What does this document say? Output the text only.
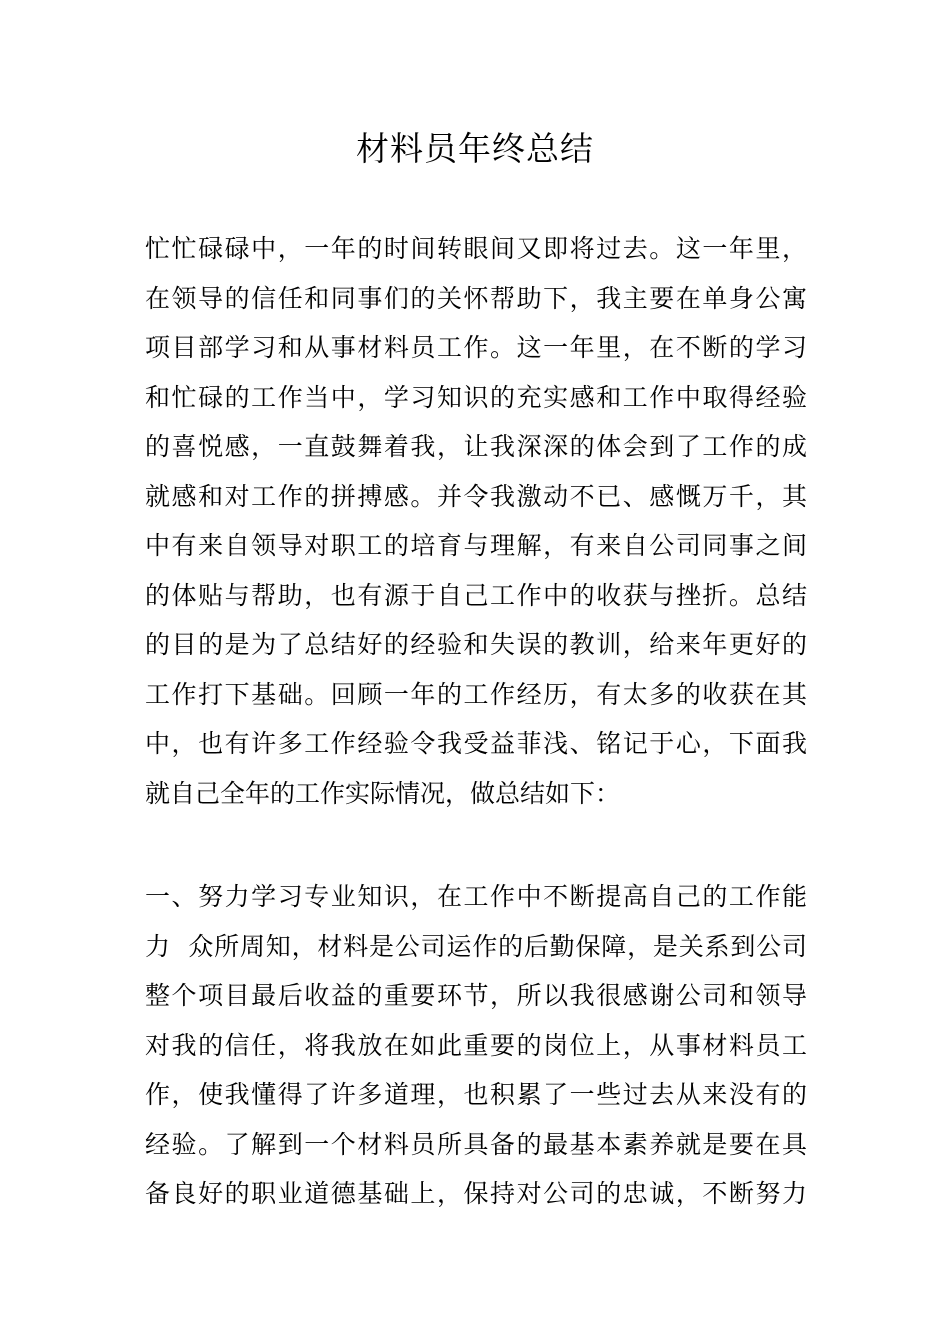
材料员年终总结

忙忙碌碌中，一年的时间转眼间又即将过去。这一年里，
在领导的信任和同事们的关怀帮助下，我主要在单身公寓
项目部学习和从事材料员工作。这一年里，在不断的学习
和忙碌的工作当中，学习知识的充实感和工作中取得经验
的喜悦感，一直鼓舞着我，让我深深的体会到了工作的成
就感和对工作的拼搏感。并令我激动不已、感慨万千，其
中有来自领导对职工的培育与理解，有来自公司同事之间
的体贴与帮助，也有源于自己工作中的收获与挫折。总结
的目的是为了总结好的经验和失误的教训，给来年更好的
工作打下基础。回顾一年的工作经历，有太多的收获在其
中，也有许多工作经验令我受益菲浅、铭记于心，下面我
就自己全年的工作实际情况，做总结如下：

一、努力学习专业知识，在工作中不断提高自己的工作能
力  众所周知，材料是公司运作的后勤保障，是关系到公司
整个项目最后收益的重要环节，所以我很感谢公司和领导
对我的信任，将我放在如此重要的岗位上，从事材料员工
作，使我懂得了许多道理，也积累了一些过去从来没有的
经验。了解到一个材料员所具备的最基本素养就是要在具
备良好的职业道德基础上，保持对公司的忠诚，不断努力
